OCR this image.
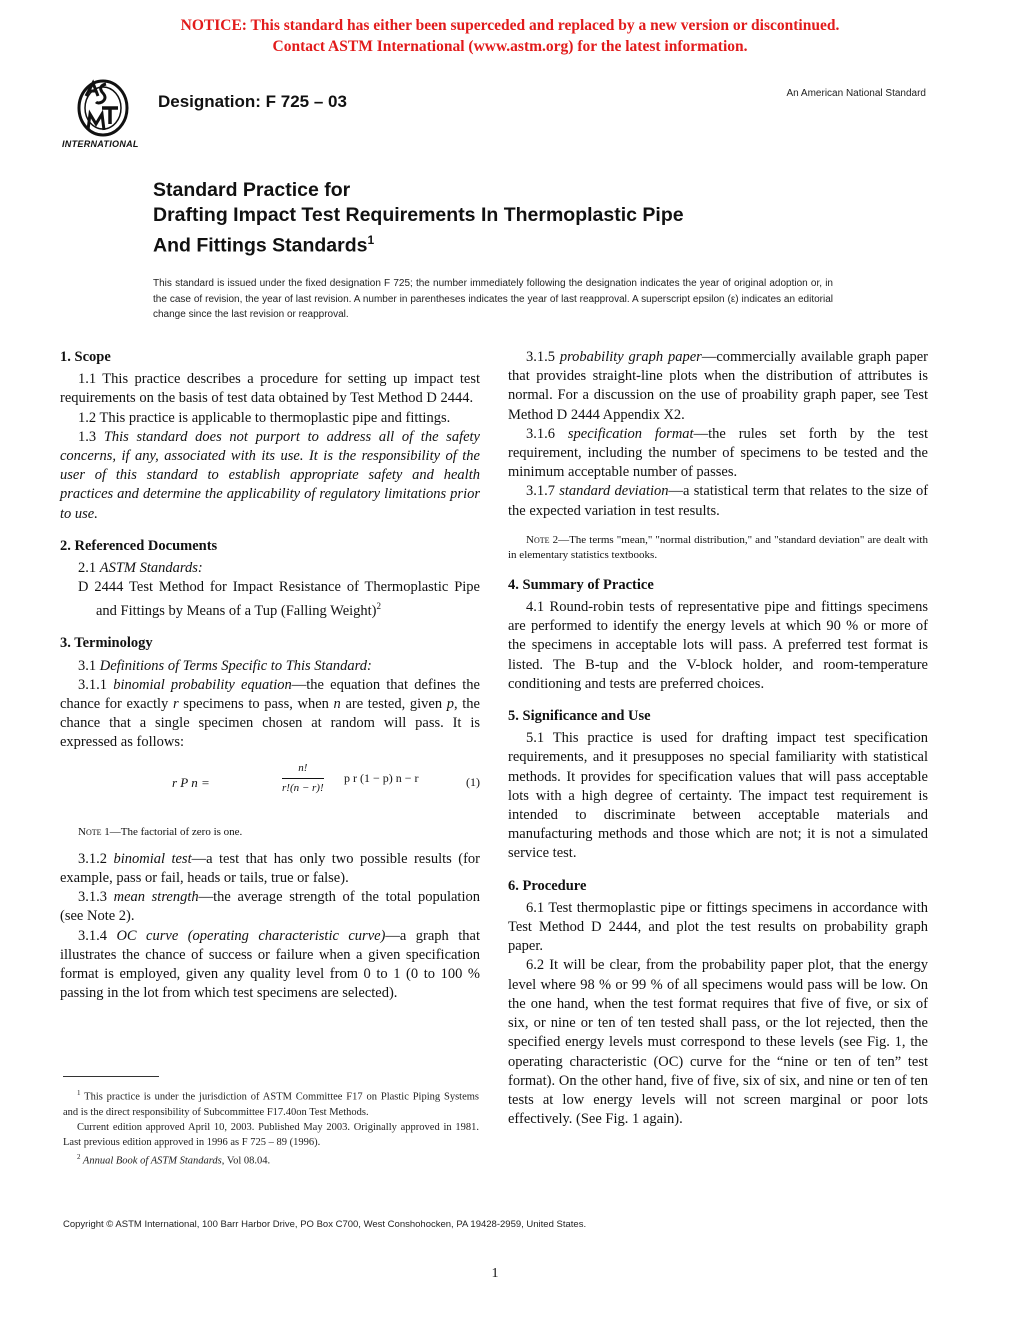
NOTICE: This standard has either been superceded and replaced by a new version or discontinued.
Contact ASTM International (www.astm.org) for the latest information.
INTERNATIONAL
Designation: F 725 – 03	An American National Standard
Standard Practice for
Drafting Impact Test Requirements In Thermoplastic Pipe
And Fittings Standards$^1$
This standard is issued under the fixed designation F 725; the number immediately following the designation indicates the year of original adoption or, in the case of revision, the year of last revision. A number in parentheses indicates the year of last reapproval. A superscript epsilon (ε) indicates an editorial change since the last revision or reapproval.

1. Scope

1.1 This practice describes a procedure for setting up impact test requirements on the basis of test data obtained by Test Method D 2444.

1.2 This practice is applicable to thermoplastic pipe and fittings.

1.3 This standard does not purport to address all of the safety concerns, if any, associated with its use. It is the responsibility of the user of this standard to establish appropriate safety and health practices and determine the applicability of regulatory limitations prior to use.

2. Referenced Documents

2.1 ASTM Standards:

D 2444 Test Method for Impact Resistance of Thermoplastic Pipe and Fittings by Means of a Tup (Falling Weight)$^2$

3. Terminology

3.1 Definitions of Terms Specific to This Standard:

3.1.1 binomial probability equation—the equation that defines the chance for exactly r specimens to pass, when n are tested, given p, the chance that a single specimen chosen at random will pass. It is expressed as follows:

r P n =	$\frac{n!}{r!(n - r)!}$ p r (1 − p) n − r	(1)

Note 1—The factorial of zero is one.

3.1.2 binomial test—a test that has only two possible results (for example, pass or fail, heads or tails, true or false).

3.1.3 mean strength—the average strength of the total population (see Note 2).

3.1.4 OC curve (operating characteristic curve)—a graph that illustrates the chance of success or failure when a given specification format is employed, given any quality level from 0 to 1 (0 to 100 % passing in the lot from which test specimens are selected).

3.1.5 probability graph paper—commercially available graph paper that provides straight-line plots when the distribution of attributes is normal. For a discussion on the use of proability graph paper, see Test Method D 2444 Appendix X2.

3.1.6 specification format—the rules set forth by the test requirement, including the number of specimens to be tested and the minimum acceptable number of passes.

3.1.7 standard deviation—a statistical term that relates to the size of the expected variation in test results.

Note 2—The terms "mean," "normal distribution," and "standard deviation" are dealt with in elementary statistics textbooks.

4. Summary of Practice

4.1 Round-robin tests of representative pipe and fittings specimens are performed to identify the energy levels at which 90 % or more of the specimens in acceptable lots will pass. A preferred test format is listed. The B-tup and the V-block holder, and room-temperature conditioning and tests are preferred choices.

5. Significance and Use

5.1 This practice is used for drafting impact test specification requirements, and it presupposes no special familiarity with statistical methods. It provides for specification values that will pass acceptable lots with a high degree of certainty. The impact test requirement is intended to discriminate between acceptable materials and manufacturing methods and those which are not; it is not a simulated service test.

6. Procedure

6.1 Test thermoplastic pipe or fittings specimens in accordance with Test Method D 2444, and plot the test results on probability graph paper.

6.2 It will be clear, from the probability paper plot, that the energy level where 98 % or 99 % of all specimens would pass will be low. On the one hand, when the test format requires that five of five, or six of six, or nine or ten of ten tested shall pass, or the lot rejected, then the specified energy levels must correspond to these levels (see Fig. 1, the operating characteristic (OC) curve for the “nine or ten of ten” test format). On the other hand, five of five, six of six, and nine or ten of ten tests at low energy levels will not screen marginal or poor lots effectively. (See Fig. 1 again).

$^1$ This practice is under the jurisdiction of ASTM Committee F17 on Plastic Piping Systems and is the direct responsibility of Subcommittee F17.40on Test Methods.

Current edition approved April 10, 2003. Published May 2003. Originally approved in 1981. Last previous edition approved in 1996 as F 725 – 89 (1996).

$^2$ Annual Book of ASTM Standards, Vol 08.04.

Copyright © ASTM International, 100 Barr Harbor Drive, PO Box C700, West Conshohocken, PA 19428-2959, United States.
1
